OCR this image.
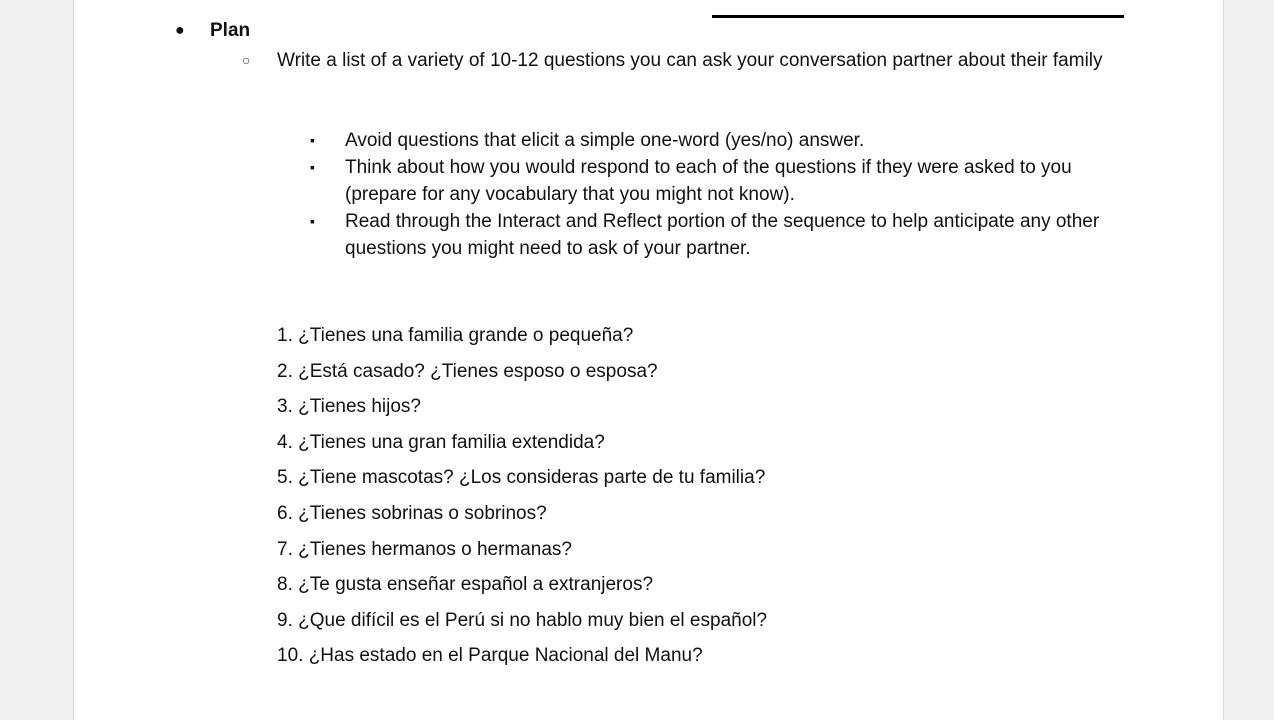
● Plan
○ Write a list of a variety of 10-12 questions you can ask your conversation partner about their family
▪ Avoid questions that elicit a simple one-word (yes/no) answer.
▪ Think about how you would respond to each of the questions if they were asked to you (prepare for any vocabulary that you might not know).
▪ Read through the Interact and Reflect portion of the sequence to help anticipate any other questions you might need to ask of your partner.
1. ¿Tienes una familia grande o pequeña?
2. ¿Está casado? ¿Tienes esposo o esposa?
3. ¿Tienes hijos?
4. ¿Tienes una gran familia extendida?
5. ¿Tiene mascotas? ¿Los consideras parte de tu familia?
6. ¿Tienes sobrinas o sobrinos?
7. ¿Tienes hermanos o hermanas?
8. ¿Te gusta enseñar español a extranjeros?
9. ¿Que difícil es el Perú si no hablo muy bien el español?
10. ¿Has estado en el Parque Nacional del Manu?
